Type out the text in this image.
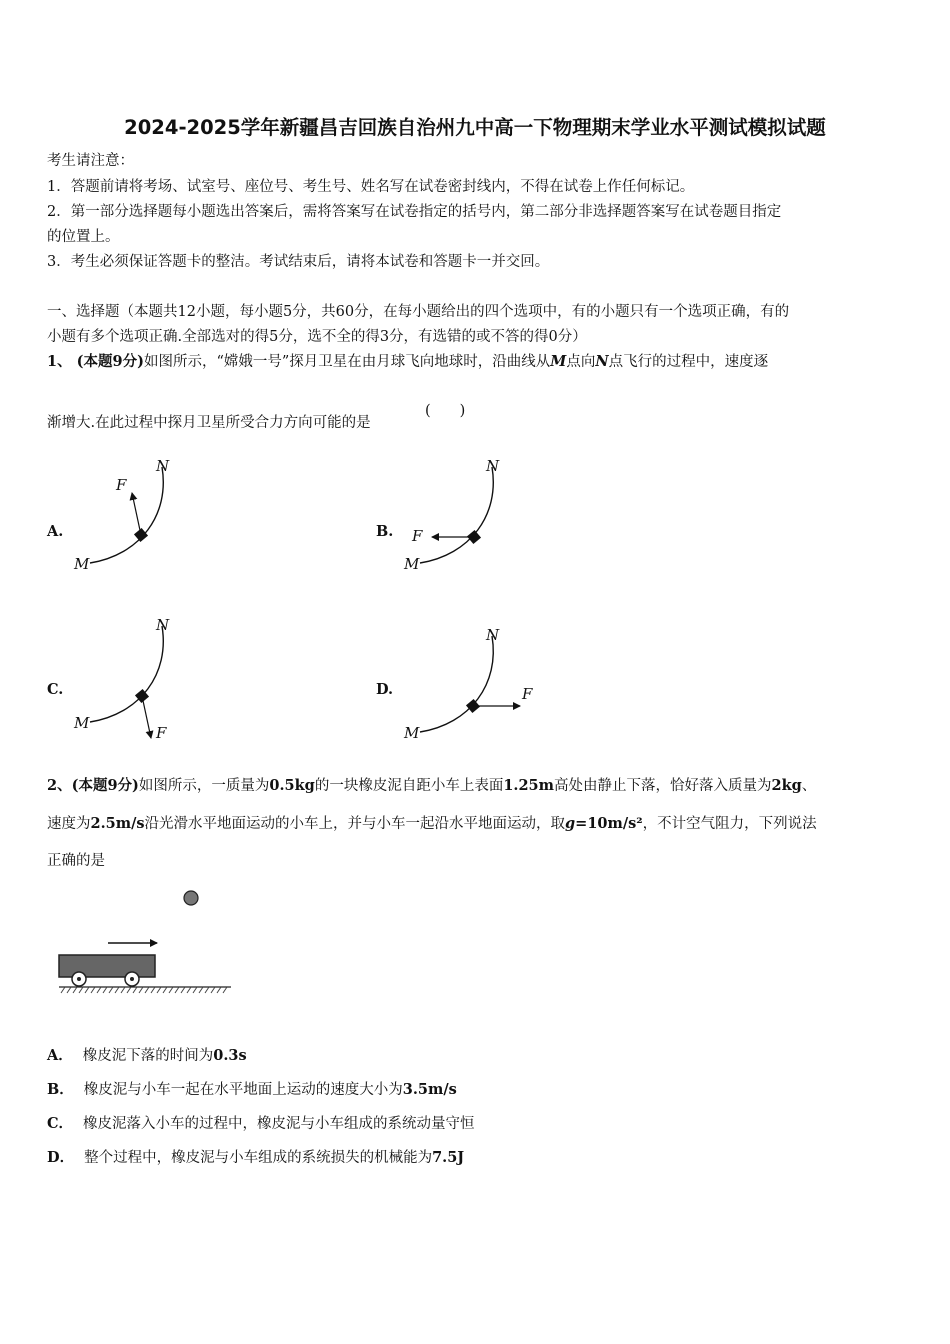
2024-2025学年新疆昌吉回族自治州九中高一下物理期末学业水平测试模拟试题
考生请注意：
1．答题前请将考场、试室号、座位号、考生号、姓名写在试卷密封线内，不得在试卷上作任何标记。
2．第一部分选择题每小题选出答案后，需将答案写在试卷指定的括号内，第二部分非选择题答案写在试卷题目指定
的位置上。
3．考生必须保证答题卡的整洁。考试结束后，请将本试卷和答题卡一并交回。
一、选择题（本题共12小题，每小题5分，共60分，在每小题给出的四个选项中，有的小题只有一个选项正确，有的
小题有多个选项正确.全部选对的得5分，选不全的得3分，有选错的或不答的得0分）
1、 (本题9分)如图所示，“嫦娥一号”探月卫星在由月球飞向地球时，沿曲线从M点向N点飞行的过程中，速度逐
渐增大.在此过程中探月卫星所受合力方向可能的是
(　　)
A.
F
M
N
B. F
M
N
C.
F
M
N
D.	F
M
N
2、(本题9分)如图所示，一质量为0.5kg的一块橡皮泥自距小车上表面1.25m高处由静止下落，恰好落入质量为2kg、
速度为2.5m/s沿光滑水平地面运动的小车上，并与小车一起沿水平地面运动，取g=10m/s²，不计空气阻力，下列说法
正确的是
A． 橡皮泥下落的时间为0.3s
B． 橡皮泥与小车一起在水平地面上运动的速度大小为3.5m/s
C． 橡皮泥落入小车的过程中，橡皮泥与小车组成的系统动量守恒
D． 整个过程中，橡皮泥与小车组成的系统损失的机械能为7.5J
